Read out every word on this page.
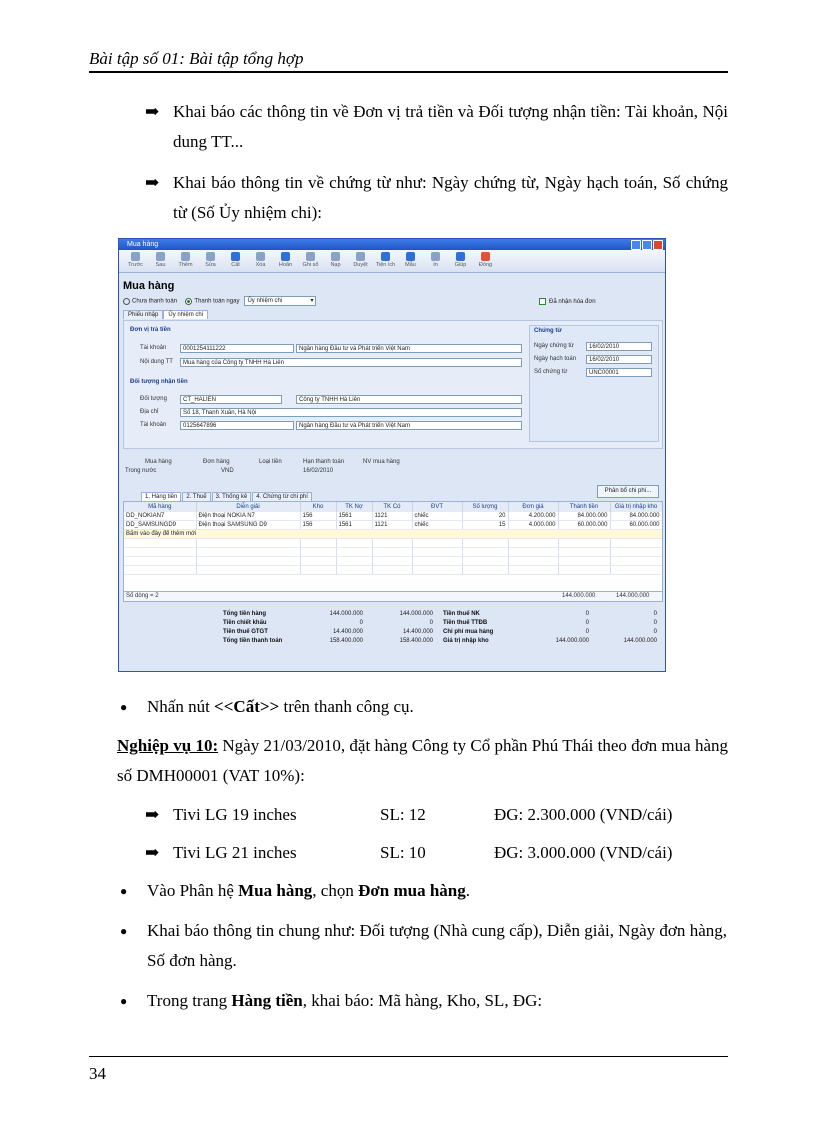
Bài tập số 01: Bài tập tổng hợp
➡ Khai báo các thông tin về Đơn vị trả tiền và Đối tượng nhận tiền: Tài khoản, Nội dung TT...
➡ Khai báo thông tin về chứng từ như: Ngày chứng từ, Ngày hạch toán, Số chứng từ (Số Ủy nhiệm chi):
Mua hàng
Trước	Sau	Thêm	Sửa	Cất	Xóa	Hoãn	Ghi sổ	Nạp	Duyệt	Tiện ích	Mẫu	In	Giúp	Đóng
Mua hàng
Chưa thanh toán	Thanh toán ngay Ủy nhiệm chi	▾	Đã nhận hóa đơn
Phiếu nhập	Ủy nhiệm chi
Đơn vị trả tiền
Tài khoản	0001254111222	Ngân hàng Đầu tư và Phát triển Việt Nam
Nội dung TT	Mua hàng của Công ty TNHH Hà Liên
Đối tượng nhận tiền
Đối tượng	CT_HALIEN	Công ty TNHH Hà Liên
Địa chỉ	Số 18, Thanh Xuân, Hà Nội
Tài khoản	0125647896	Ngân hàng Đầu tư và Phát triển Việt Nam
Chứng từ
Ngày chứng từ	16/02/2010
Ngày hạch toán	16/02/2010
Số chứng từ	UNC00001
Mua hàng	Đơn hàng	Loại tiền	Hạn thanh toán	NV mua hàng
Trong nước	VND	16/02/2010
Phân bổ chi phí...
1. Hàng tiền	2. Thuế	3. Thống kê	4. Chứng từ chi phí
Mã hàng	Diễn giải	Kho	TK Nợ	TK Có	ĐVT	Số lượng	Đơn giá	Thành tiền	Giá trị nhập kho
DD_NOKIAN7	Điện thoại NOKIA N7	156	1561	1121	chiếc	20	4.200.000	84.000.000	84.000.000
DD_SAMSUNGD9	Điện thoại SAMSUNG D9	156	1561	1121	chiếc	15	4.000.000	60.000.000	60.000.000
Bấm vào đây để thêm mới									

Số dòng = 2	144.000.000	144.000.000
Tổng tiền hàng	144.000.000	144.000.000 Tiền thuế NK	0	0
Tiền chiết khấu	0	0 Tiền thuế TTĐB	0	0
Tiền thuế GTGT	14.400.000	14.400.000 Chi phí mua hàng	0	0
Tổng tiền thanh toán	158.400.000	158.400.000 Giá trị nhập kho	144.000.000	144.000.000
● Nhấn nút <<Cất>> trên thanh công cụ.
Nghiệp vụ 10: Ngày 21/03/2010, đặt hàng Công ty Cổ phần Phú Thái theo đơn mua hàng số DMH00001 (VAT 10%):
➡ Tivi LG 19 inches	SL: 12	ĐG: 2.300.000 (VND/cái)
➡ Tivi LG 21 inches	SL: 10	ĐG: 3.000.000 (VND/cái)
● Vào Phân hệ Mua hàng, chọn Đơn mua hàng.
● Khai báo thông tin chung như: Đối tượng (Nhà cung cấp), Diễn giải, Ngày đơn hàng, Số đơn hàng.
● Trong trang Hàng tiền, khai báo: Mã hàng, Kho, SL, ĐG:
34
